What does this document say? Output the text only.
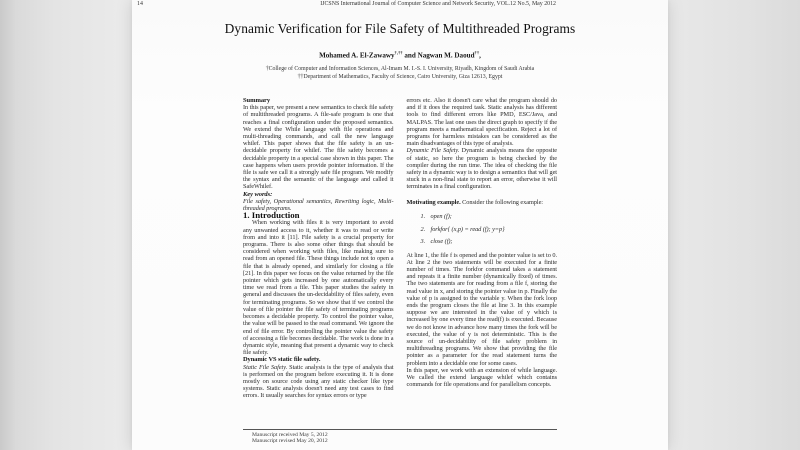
14	IJCSNS International Journal of Computer Science and Network Security, VOL.12 No.5, May 2012
Dynamic Verification for File Safety of Multithreaded Programs
Mohamed A. El-Zawawy†,†† and Nagwan M. Daoud††,
†College of Computer and Information Sciences, Al-Imam M. I.-S. I. University, Riyadh, Kingdom of Saudi Arabia
††Department of Mathematics, Faculty of Science, Cairo University, Giza 12613, Egypt

Summary

In this paper, we present a new semantics to check file safety of multithreaded programs. A file-safe program is one that reaches a final configuration under the proposed semantics. We extend the While language with file operations and multi-threading commands, and call the new language whilef. This paper shows that the file safety is an un-decidable property for whilef. The file safety becomes a decidable property in a special case shown in this paper. The case happens when users provide pointer information. If the file is safe we call it a strongly safe file program. We modify the syntax and the semantic of the language and called it SafeWhilef.

Key words:

File safety, Operational semantics, Rewriting logic, Multi-threaded programs.

1. Introduction

When working with files it is very important to avoid any unwanted access to it, whether it was to read or write from and into it [11]. File safety is a crucial property for programs. There is also some other things that should be considered when working with files, like making sure to read from an opened file. These things include not to open a file that is already opened, and similarly for closing a file [21]. In this paper we focus on the value returned by the file pointer which gets increased by one automatically every time we read from a file. This paper studies the safety in general and discusses the un-decidability of files safety, even for terminating programs. So we show that if we control the value of file pointer the file safety of terminating programs becomes a decidable property. To control the pointer value, the value will be passed to the read command. We ignore the end of file error. By controlling the pointer value the safety of accessing a file becomes decidable. The work is done in a dynamic style, meaning that present a dynamic way to check file safety.

Dynamic VS static file safety.

Static File Safety. Static analysis is the type of analysis that is performed on the program before executing it. It is done mostly on source code using any static checker like type systems. Static analysis doesn't need any test cases to find errors. It usually searches for syntax errors or type

errors etc. Also it doesn't care what the program should do and if it does the required task. Static analysis has different tools to find different errors like PMD, ESC/Java, and MALPAS. The last one uses the direct graph to specify if the program meets a mathematical specification. Reject a lot of programs for harmless mistakes can be considered as the main disadvantages of this type of analysis.

Dynamic File Safety. Dynamic analysis means the opposite of static, so here the program is being checked by the compiler during the run time. The idea of checking the file safety in a dynamic way is to design a semantics that will get stuck in a non-final state to report an error, otherwise it will terminates in a final configuration.

Motivating example. Consider the following example:

1. open (f);
2. forkfor{ (x,p) = read (f); y=p}
3. close (f);

At line 1, the file f is opened and the pointer value is set to 0. At line 2 the two statements will be executed for a finite number of times. The forkfor command takes a statement and repeats it a finite number (dynamically fixed) of times. The two statements are for reading from a file f, storing the read value in x, and storing the pointer value in p. Finally the value of p is assigned to the variable y. When the fork loop ends the program closes the file at line 3. In this example suppose we are interested in the value of y which is increased by one every time the read(f) is executed. Because we do not know in advance how many times the fork will be executed, the value of y is not deterministic. This is the source of un-decidability of file safety problem in multithreading programs. We show that providing the file pointer as a parameter for the read statement turns the problem into a decidable one for some cases.

In this paper, we work with an extension of while language. We called the extend language whilef which contains commands for file operations and for parallelism concepts.

Manuscript received May 5, 2012
Manuscript revised May 20, 2012
